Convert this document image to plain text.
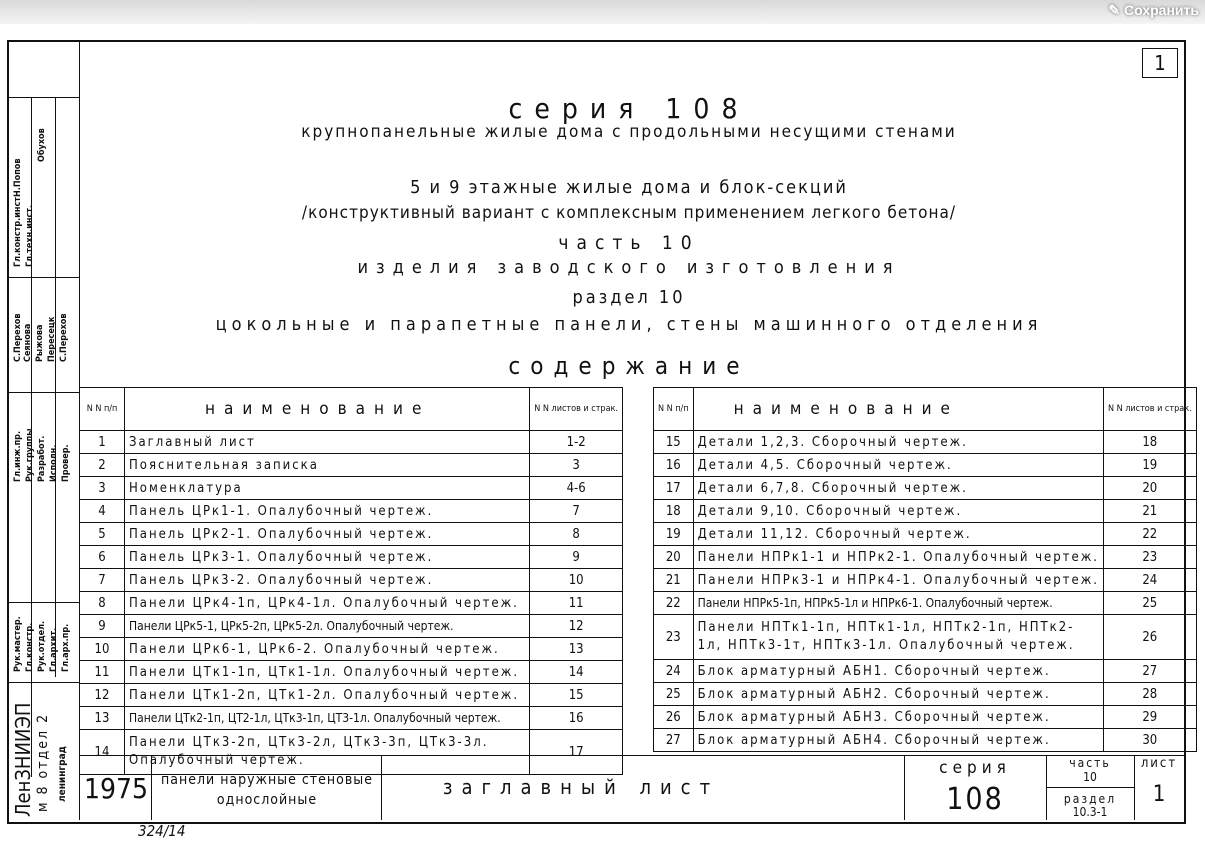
✎ Сохранить
Н.Попов
Обухов
Гл.констр.инст. Гл.техн.инст.
С.Перехов Сеянова Рыжова Пересецк С.Перехов
Гл.инж.пр. Рук.группы Разработ. Исполн. Провер.
Рук.мастер. Гл.констр. Рук.отдел. Гл.архит. Гл.арх.пр.
ЛенЗНИИЭП м 8 отдел 2 ленинград
1
серия 108
крупнопанельные жилые дома с продольными несущими стенами
5 и 9 этажные жилые дома и блок-секций
/конструктивный вариант с комплексным применением легкого бетона/
часть 10
изделия заводского изготовления
раздел 10
цокольные и парапетные панели, стены машинного отделения
содержание
N N п/п	наименование	N N листов и страк.
1	Заглавный лист	1-2
2	Пояснительная записка	3
3	Номенклатура	4-6
4	Панель ЦРк1-1. Опалубочный чертеж.	7
5	Панель ЦРк2-1. Опалубочный чертеж.	8
6	Панель ЦРк3-1. Опалубочный чертеж.	9
7	Панель ЦРк3-2. Опалубочный чертеж.	10
8	Панели ЦРк4-1п, ЦРк4-1л. Опалубочный чертеж.	11
9	Панели ЦРк5-1, ЦРк5-2п, ЦРк5-2л. Опалубочный чертеж.	12
10	Панели ЦРк6-1, ЦРк6-2. Опалубочный чертеж.	13
11	Панели ЦТк1-1п, ЦТк1-1л. Опалубочный чертеж.	14
12	Панели ЦТк1-2п, ЦТк1-2л. Опалубочный чертеж.	15
13	Панели ЦТк2-1п, ЦТ2-1л, ЦТк3-1п, ЦТ3-1л. Опалубочный чертеж.	16
14	Панели ЦТк3-2п, ЦТк3-2л, ЦТк3-3п, ЦТк3-3л. Опалубочный чертеж.	17
N N п/п	наименование	N N листов и страк.
15	Детали 1,2,3. Сборочный чертеж.	18
16	Детали 4,5. Сборочный чертеж.	19
17	Детали 6,7,8. Сборочный чертеж.	20
18	Детали 9,10. Сборочный чертеж.	21
19	Детали 11,12. Сборочный чертеж.	22
20	Панели НПРк1-1 и НПРк2-1. Опалубочный чертеж.	23
21	Панели НПРк3-1 и НПРк4-1. Опалубочный чертеж.	24
22	Панели НПРк5-1п, НПРк5-1л и НПРк6-1. Опалубочный чертеж.	25
23	Панели НПТк1-1п, НПТк1-1л, НПТк2-1п, НПТк2-1л, НПТк3-1т, НПТк3-1л. Опалубочный чертеж.	26
24	Блок арматурный АБН1. Сборочный чертеж.	27
25	Блок арматурный АБН2. Сборочный чертеж.	28
26	Блок арматурный АБН3. Сборочный чертеж.	29
27	Блок арматурный АБН4. Сборочный чертеж.	30
1975 панели наружные стеновые однослойные
заглавный лист
серия
108
часть
10
раздел
10.3-1
лист
1
324/14
